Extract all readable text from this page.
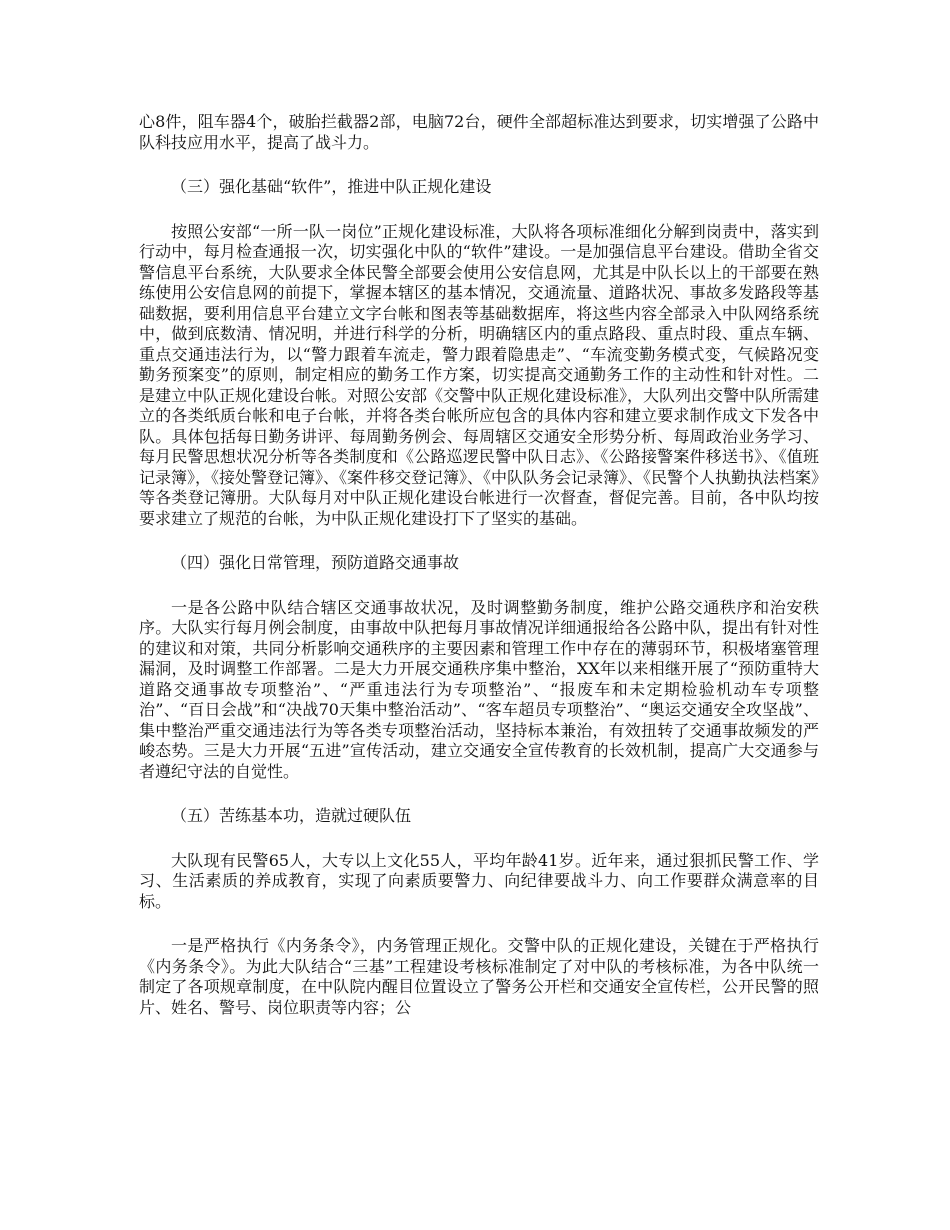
心8件，阻车器4个，破胎拦截器2部，电脑72台，硬件全部超标准达到要求，切实增强了公路中队科技应用水平，提高了战斗力。

（三）强化基础“软件”，推进中队正规化建设

按照公安部“一所一队一岗位”正规化建设标准，大队将各项标准细化分解到岗责中，落实到行动中，每月检查通报一次，切实强化中队的“软件”建设。一是加强信息平台建设。借助全省交警信息平台系统，大队要求全体民警全部要会使用公安信息网，尤其是中队长以上的干部要在熟练使用公安信息网的前提下，掌握本辖区的基本情况，交通流量、道路状况、事故多发路段等基础数据，要利用信息平台建立文字台帐和图表等基础数据库，将这些内容全部录入中队网络系统中，做到底数清、情况明，并进行科学的分析，明确辖区内的重点路段、重点时段、重点车辆、重点交通违法行为，以“警力跟着车流走，警力跟着隐患走”、“车流变勤务模式变，气候路况变勤务预案变”的原则，制定相应的勤务工作方案，切实提高交通勤务工作的主动性和针对性。二是建立中队正规化建设台帐。对照公安部《交警中队正规化建设标准》，大队列出交警中队所需建立的各类纸质台帐和电子台帐，并将各类台帐所应包含的具体内容和建立要求制作成文下发各中队。具体包括每日勤务讲评、每周勤务例会、每周辖区交通安全形势分析、每周政治业务学习、每月民警思想状况分析等各类制度和《公路巡逻民警中队日志》、《公路接警案件移送书》、《值班记录簿》，《接处警登记簿》、《案件移交登记簿》、《中队队务会记录簿》、《民警个人执勤执法档案》等各类登记簿册。大队每月对中队正规化建设台帐进行一次督查，督促完善。目前，各中队均按要求建立了规范的台帐，为中队正规化建设打下了坚实的基础。

（四）强化日常管理，预防道路交通事故

一是各公路中队结合辖区交通事故状况，及时调整勤务制度，维护公路交通秩序和治安秩序。大队实行每月例会制度，由事故中队把每月事故情况详细通报给各公路中队，提出有针对性的建议和对策，共同分析影响交通秩序的主要因素和管理工作中存在的薄弱环节，积极堵塞管理漏洞，及时调整工作部署。二是大力开展交通秩序集中整治，XX年以来相继开展了“预防重特大道路交通事故专项整治”、“严重违法行为专项整治”、“报废车和未定期检验机动车专项整治”、“百日会战”和“决战70天集中整治活动”、“客车超员专项整治”、“奥运交通安全攻坚战”、集中整治严重交通违法行为等各类专项整治活动，坚持标本兼治，有效扭转了交通事故频发的严峻态势。三是大力开展“五进”宣传活动，建立交通安全宣传教育的长效机制，提高广大交通参与者遵纪守法的自觉性。

（五）苦练基本功，造就过硬队伍

大队现有民警65人，大专以上文化55人，平均年龄41岁。近年来，通过狠抓民警工作、学习、生活素质的养成教育，实现了向素质要警力、向纪律要战斗力、向工作要群众满意率的目标。

一是严格执行《内务条令》，内务管理正规化。交警中队的正规化建设，关键在于严格执行《内务条令》。为此大队结合“三基”工程建设考核标准制定了对中队的考核标准，为各中队统一制定了各项规章制度，在中队院内醒目位置设立了警务公开栏和交通安全宣传栏，公开民警的照片、姓名、警号、岗位职责等内容；公
